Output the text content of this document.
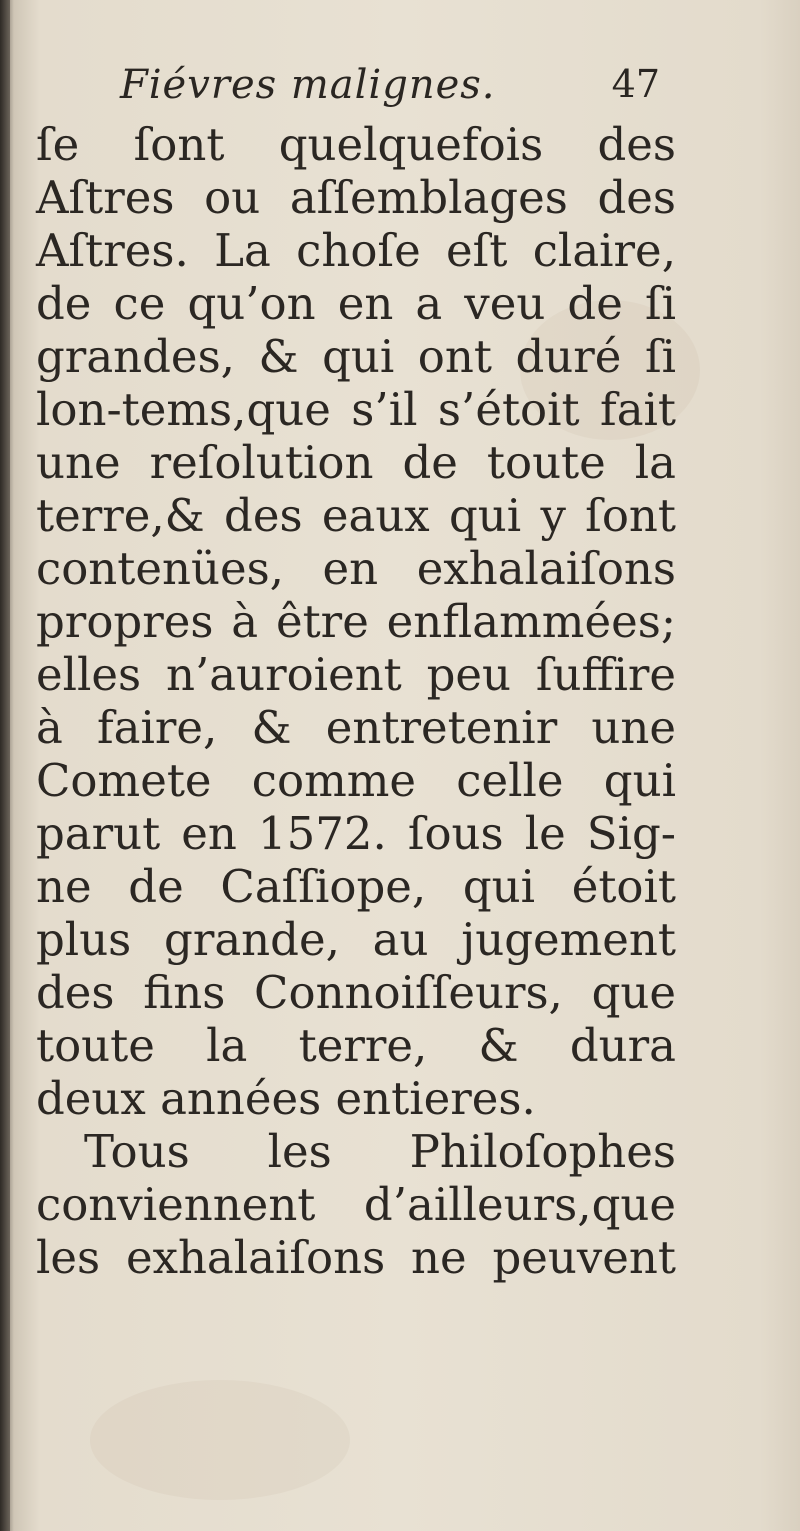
Fiévres malignes.	47
ſe ſont quelquefois des
Aſtres ou aſſemblages des
Aſtres. La choſe eſt claire,
de ce qu’on en a veu de ſi
grandes, & qui ont duré ſi
lon-tems,que s’il s’étoit fait
une reſolution de toute la
terre,& des eaux qui y ſont
contenües, en exhalaiſons
propres à être enflammées;
elles n’auroient peu ſuffire
à faire, & entretenir une
Comete comme celle qui
parut en 1572. ſous le Sig-
ne de Caſſiope, qui étoit
plus grande, au jugement
des fins Connoiſſeurs, que
toute la terre, & dura
deux années entieres.
Tous les Philoſophes
conviennent d’ailleurs,que
les exhalaiſons ne peuvent
